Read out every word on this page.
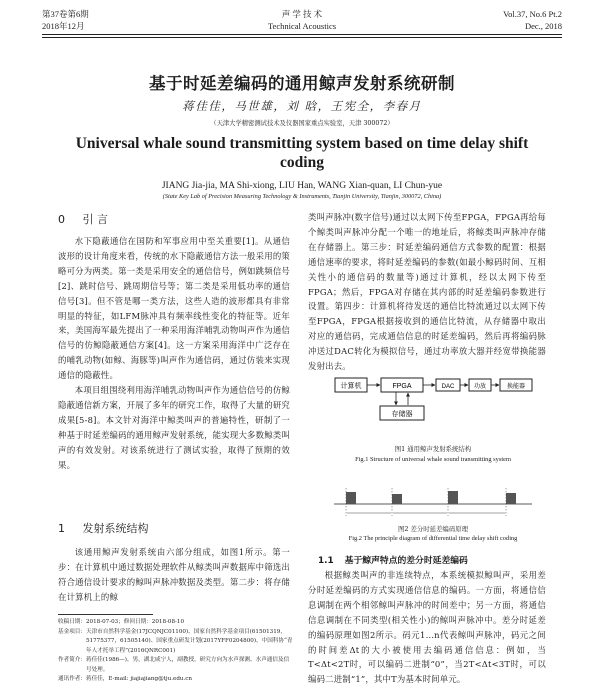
第37卷第6期
2018年12月
声 学 技 术
Technical Acoustics
Vol.37, No.6 Pt.2
Dec., 2018
基于时延差编码的通用鲸声发射系统研制
蒋佳佳，马世雄，刘 晗，王宪全，李春月
（天津大学精密测试技术及仪器国家重点实验室，天津 300072）
Universal whale sound transmitting system based on time delay shift coding
JIANG Jia-jia, MA Shi-xiong, LIU Han, WANG Xian-quan, LI Chun-yue
(State Key Lab of Precision Measuring Technology & Instruments, Tianjin University, Tianjin, 300072, China)
0 引 言

水下隐蔽通信在国防和军事应用中至关重要[1]。从通信波形的设计角度来看，传统的水下隐蔽通信方法一般采用的策略可分为两类。第一类是采用安全的通信信号，例如跳频信号[2]、跳时信号、跳周期信号等；第二类是采用低功率的通信信号[3]。但不管是哪一类方法，这些人造的波形都具有非常明显的特征，如LFM脉冲具有频率线性变化的特征等。近年来，美国海军最先提出了一种采用海洋哺乳动物叫声作为通信信号的仿鲸隐蔽通信方案[4]。这一方案采用海洋中广泛存在的哺乳动物(如鲸、海豚等)叫声作为通信码，通过仿装来实现通信的隐蔽性。

本项目组围绕利用海洋哺乳动物叫声作为通信信号的仿鲸隐蔽通信新方案，开展了多年的研究工作，取得了大量的研究成果[5-8]。本文针对海洋中鲸类叫声的普遍特性，研制了一种基于时延差编码的通用鲸声发射系统，能实现大多数鲸类叫声的有效发射。对该系统进行了测试实验，取得了预期的效果。

1 发射系统结构

该通用鲸声发射系统由六部分组成，如图1所示。第一步：在计算机中通过数据处理软件从鲸类叫声数据库中筛选出符合通信设计要求的鲸叫声脉冲数据及类型。第二步：将存储在计算机上的鲸

类叫声脉冲(数字信号)通过以太网下传至FPGA，FPGA再给每个鲸类叫声脉冲分配一个唯一的地址后，将鲸类叫声脉冲存储在存储器上。第三步：时延差编码通信方式参数的配置：根据通信速率的要求，将时延差编码的参数(如最小鲸码时间、互相关性小的通信码的数量等)通过计算机，经以太网下传至FPGA；然后，FPGA对存储在其内部的时延差编码参数进行设置。第四步：计算机将待发送的通信比特流通过以太网下传至FPGA，FPGA根据接收到的通信比特流，从存储器中取出对应的通信码，完成通信信息的时延差编码，然后再将编码脉冲送过DAC转化为模拟信号，通过功率放大器并经宽带换能器发射出去。

计算机	FPGA	DAC	功放	换能器
存储器
图1 通用鲸声发射系统结构
Fig.1 Structure of universal whale sound transmitting system
图2 差分时延差编码原理
Fig.2 The principle diagram of differential time delay shift coding
1.1 基于鲸声特点的差分时延差编码

根据鲸类叫声的非连续特点，本系统模拟鲸叫声，采用差分时延差编码的方式实现通信信息的编码。一方面，将通信信息调制在两个相邻鲸叫声脉冲的时间差中；另一方面，将通信信息调制在不同类型(相关性小)的鲸叫声脉冲中。差分时延差的编码原理如图2所示。码元1…n代表鲸叫声脉冲，码元之间的时间差Δt的大小被使用去编码通信信息：例如，当T<Δt<2T时，可以编码二进制“0”，当2T<Δt<3T时，可以编码二进制“1”，其中T为基本时间单元。

收稿日期： 2018-07-03；修回日期：2018-08-10
基金项目： 天津市自然科学基金(17JCQNJC01100)、国家自然科学基金项目(61501319，51775377，61505140)、国家重点研发计划(2017YFF0204800)、中国科协“青年人才托举工程”(2016QNRC001)
作者简介： 蒋佳佳(1986—)，男，湖北咸宁人，副教授，研究方向为水声探测、水声通信及信号处理。
通讯作者： 蒋佳佳，E-mail: jiajiajiang@tju.edu.cn
